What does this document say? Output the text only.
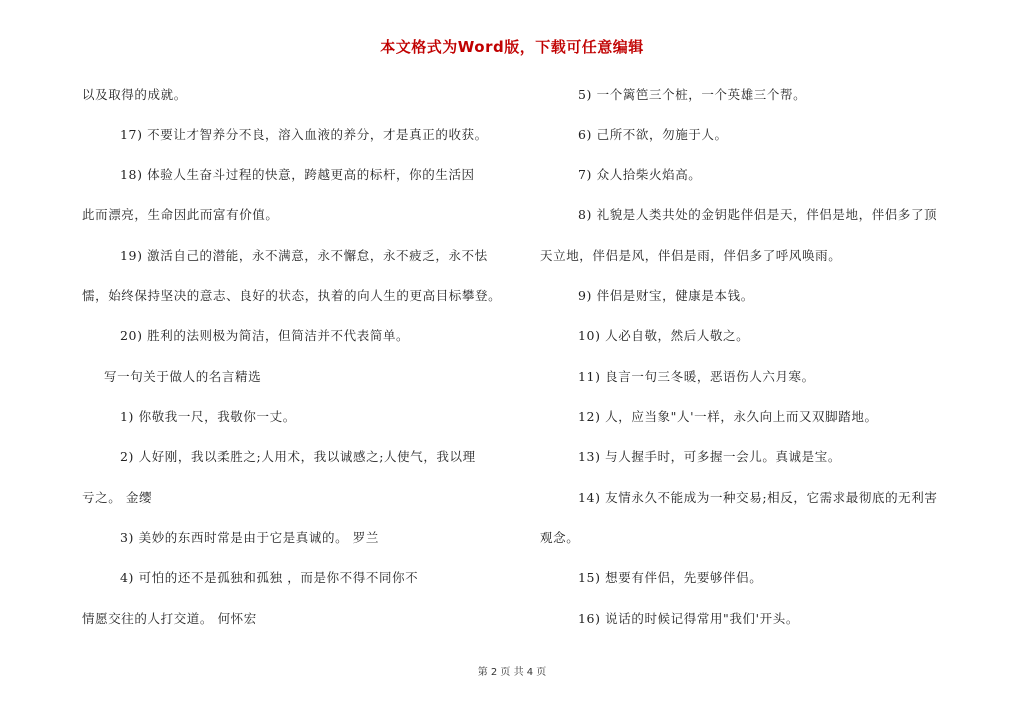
本文格式为Word版，下载可任意编辑
以及取得的成就。
17) 不要让才智养分不良，溶入血液的养分，才是真正的收获。
18) 体验人生奋斗过程的快意，跨越更高的标杆，你的生活因
此而漂亮，生命因此而富有价值。
19) 激活自己的潜能，永不满意，永不懈怠，永不疲乏，永不怯
懦，始终保持坚决的意志、良好的状态，执着的向人生的更高目标攀登。
20) 胜利的法则极为简洁，但简洁并不代表简单。
写一句关于做人的名言精选
1) 你敬我一尺，我敬你一丈。
2) 人好刚，我以柔胜之;人用术，我以诚感之;人使气，我以理
亏之。 金缨
3) 美妙的东西时常是由于它是真诚的。 罗兰
4) 可怕的还不是孤独和孤独 ，而是你不得不同你不
情愿交往的人打交道。 何怀宏
5) 一个篱笆三个桩，一个英雄三个帮。
6) 己所不欲，勿施于人。
7) 众人拾柴火焰高。
8) 礼貌是人类共处的金钥匙伴侣是天，伴侣是地，伴侣多了顶
天立地，伴侣是风，伴侣是雨，伴侣多了呼风唤雨。
9) 伴侣是财宝，健康是本钱。
10) 人必自敬，然后人敬之。
11) 良言一句三冬暖，恶语伤人六月寒。
12) 人，应当象"人'一样，永久向上而又双脚踏地。
13) 与人握手时，可多握一会儿。真诚是宝。
14) 友情永久不能成为一种交易;相反，它需求最彻底的无利害
观念。
15) 想要有伴侣，先要够伴侣。
16) 说话的时候记得常用"我们'开头。
第 2 页 共 4 页
